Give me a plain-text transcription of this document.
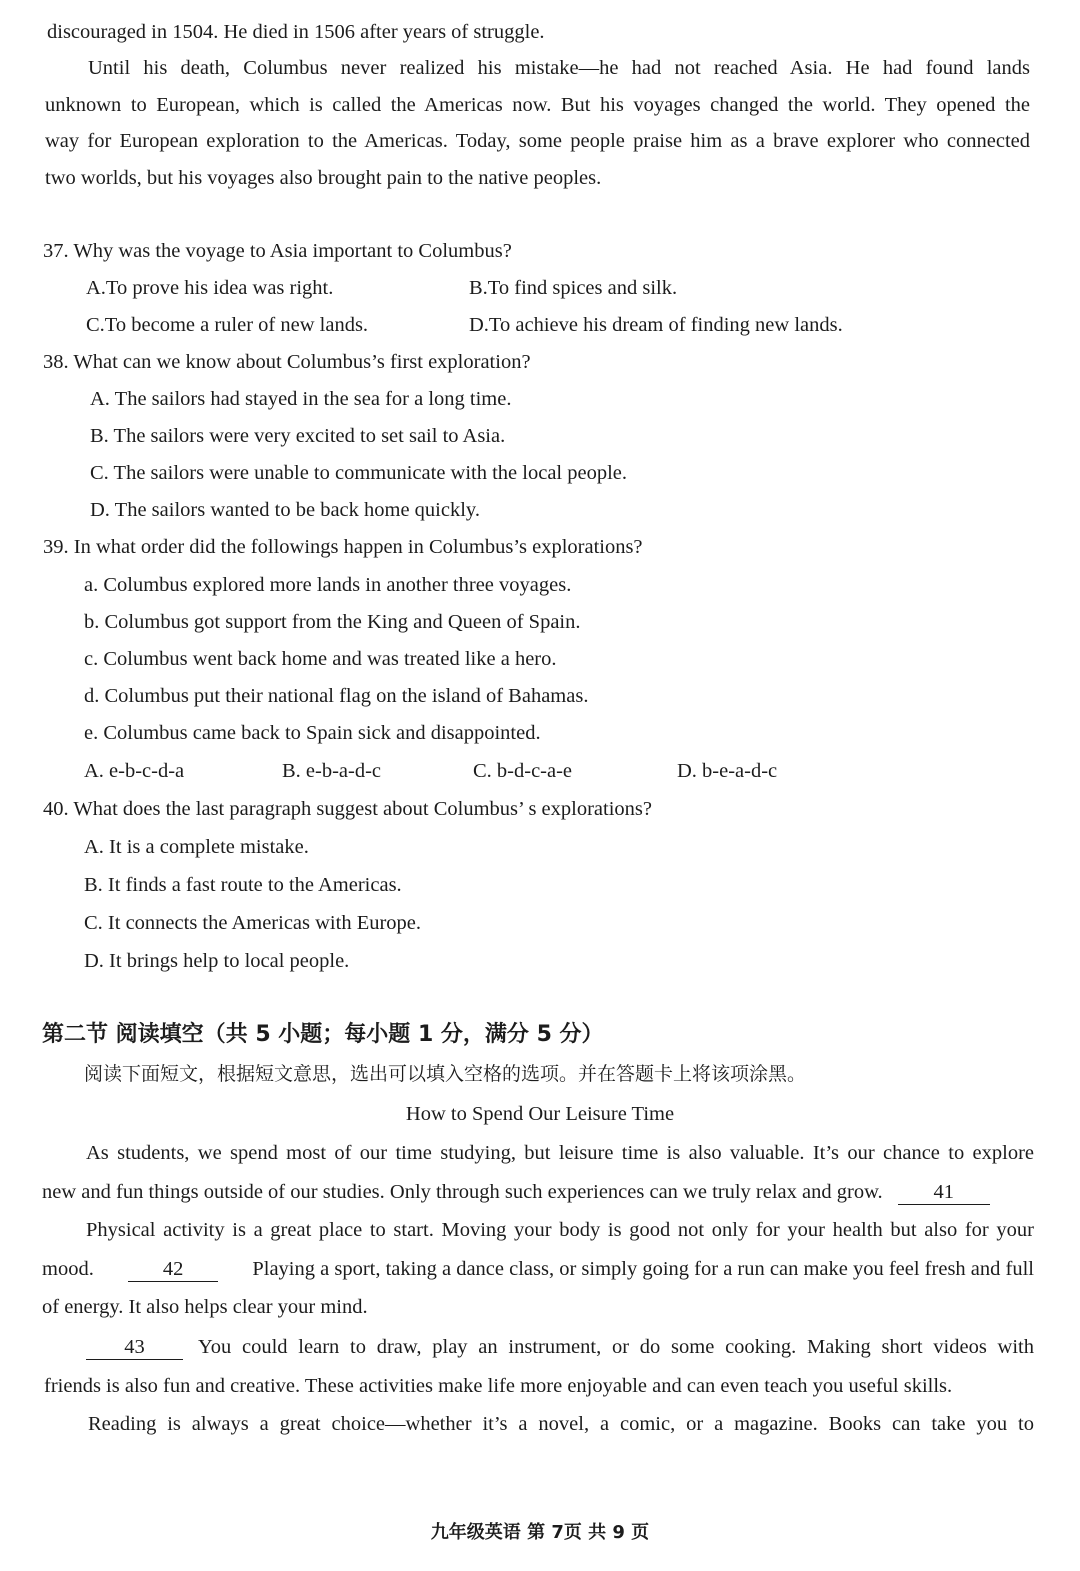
discouraged in 1504. He died in 1506 after years of struggle.
Until his death, Columbus never realized his mistake—he had not reached Asia. He had found lands
unknown to European, which is called the Americas now. But his voyages changed the world. They opened the
way for European exploration to the Americas. Today, some people praise him as a brave explorer who connected
two worlds, but his voyages also brought pain to the native peoples.
37. Why was the voyage to Asia important to Columbus?
A.To prove his idea was right.	B.To find spices and silk.
C.To become a ruler of new lands.	D.To achieve his dream of finding new lands.
38. What can we know about Columbus’s first exploration?
A. The sailors had stayed in the sea for a long time.
B. The sailors were very excited to set sail to Asia.
C. The sailors were unable to communicate with the local people.
D. The sailors wanted to be back home quickly.
39. In what order did the followings happen in Columbus’s explorations?
a. Columbus explored more lands in another three voyages.
b. Columbus got support from the King and Queen of Spain.
c. Columbus went back home and was treated like a hero.
d. Columbus put their national flag on the island of Bahamas.
e. Columbus came back to Spain sick and disappointed.
A. e-b-c-d-a	B. e-b-a-d-c	C. b-d-c-a-e	D. b-e-a-d-c
40. What does the last paragraph suggest about Columbus’ s explorations?
A. It is a complete mistake.
B. It finds a fast route to the Americas.
C. It connects the Americas with Europe.
D. It brings help to local people.
第二节 阅读填空（共 5 小题；每小题 1 分，满分 5 分）
阅读下面短文，根据短文意思，选出可以填入空格的选项。并在答题卡上将该项涂黑。
How to Spend Our Leisure Time
As students, we spend most of our time studying, but leisure time is also valuable. It’s our chance to explore
new and fun things outside of our studies. Only through such experiences can we truly relax and grow. 41
Physical activity is a great place to start. Moving your body is good not only for your health but also for your
mood.	42	Playing a sport, taking a dance class, or simply going for a run can make you feel fresh and full
of energy. It also helps clear your mind.
43	You could learn to draw, play an instrument, or do some cooking. Making short videos with
friends is also fun and creative. These activities make life more enjoyable and can even teach you useful skills.
Reading is always a great choice—whether it’s a novel, a comic, or a magazine. Books can take you to
九年级英语 第 7页 共 9 页
